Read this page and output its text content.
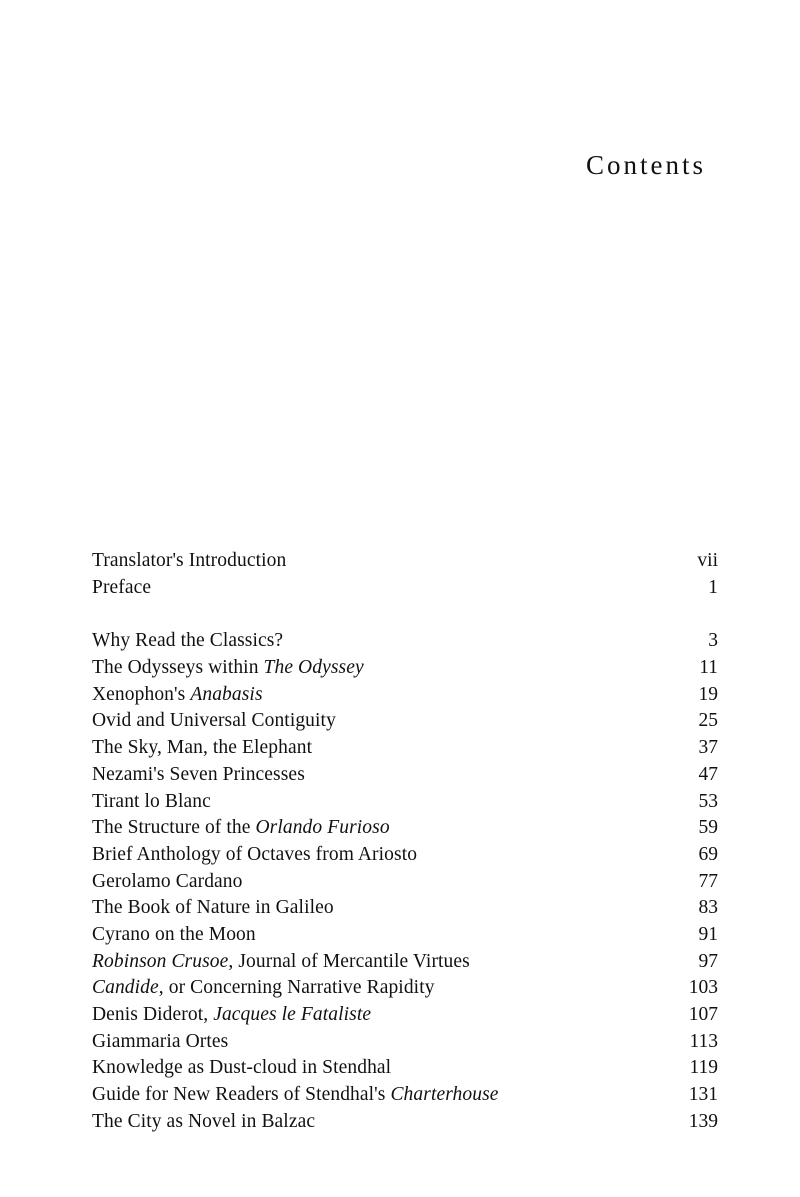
Contents
Translator's Introduction	vii
Preface	1
Why Read the Classics?	3
The Odysseys within The Odyssey	11
Xenophon's Anabasis	19
Ovid and Universal Contiguity	25
The Sky, Man, the Elephant	37
Nezami's Seven Princesses	47
Tirant lo Blanc	53
The Structure of the Orlando Furioso	59
Brief Anthology of Octaves from Ariosto	69
Gerolamo Cardano	77
The Book of Nature in Galileo	83
Cyrano on the Moon	91
Robinson Crusoe, Journal of Mercantile Virtues	97
Candide, or Concerning Narrative Rapidity	103
Denis Diderot, Jacques le Fataliste	107
Giammaria Ortes	113
Knowledge as Dust-cloud in Stendhal	119
Guide for New Readers of Stendhal's Charterhouse	131
The City as Novel in Balzac	139
